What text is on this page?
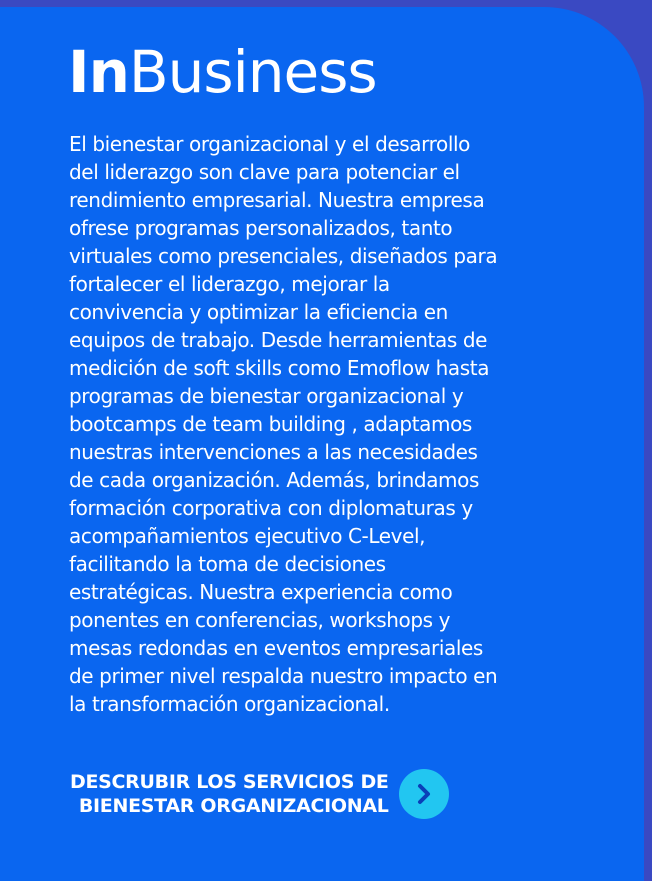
InBusiness

El bienestar organizacional y el desarrollo
del liderazgo son clave para potenciar el
rendimiento empresarial. Nuestra empresa
ofrese programas personalizados, tanto
virtuales como presenciales, diseñados para
fortalecer el liderazgo, mejorar la
convivencia y optimizar la eficiencia en
equipos de trabajo. Desde herramientas de
medición de soft skills como Emoflow hasta
programas de bienestar organizacional y
bootcamps de team building , adaptamos
nuestras intervenciones a las necesidades
de cada organización. Además, brindamos
formación corporativa con diplomaturas y
acompañamientos ejecutivo C-Level,
facilitando la toma de decisiones
estratégicas. Nuestra experiencia como
ponentes en conferencias, workshops y
mesas redondas en eventos empresariales
de primer nivel respalda nuestro impacto en
la transformación organizacional.

DESCRUBIR LOS SERVICIOS DE
BIENESTAR ORGANIZACIONAL
